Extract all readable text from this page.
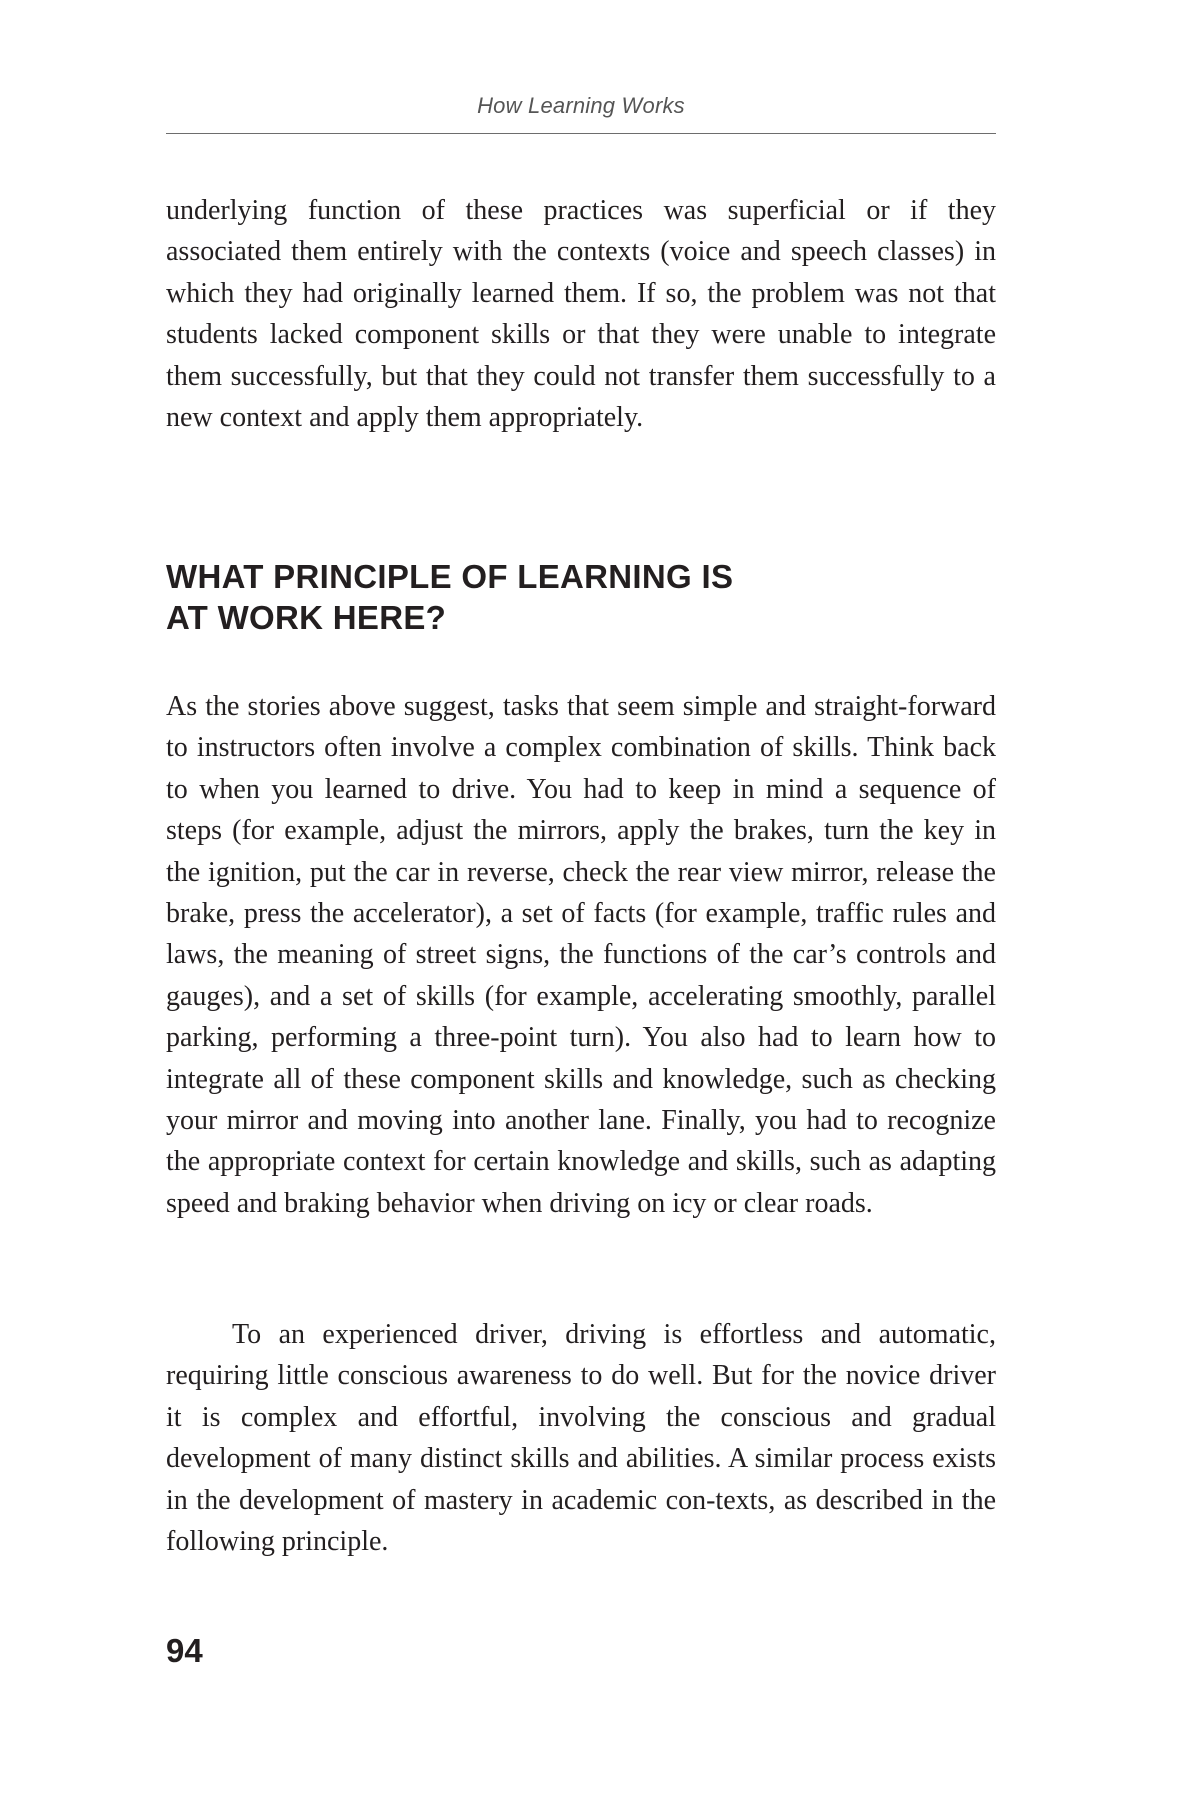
How Learning Works

underlying function of these practices was superficial or if they associated them entirely with the contexts (voice and speech classes) in which they had originally learned them. If so, the problem was not that students lacked component skills or that they were unable to integrate them successfully, but that they could not transfer them successfully to a new context and apply them appropriately.

WHAT PRINCIPLE OF LEARNING IS
AT WORK HERE?

As the stories above suggest, tasks that seem simple and straight-forward to instructors often involve a complex combination of skills. Think back to when you learned to drive. You had to keep in mind a sequence of steps (for example, adjust the mirrors, apply the brakes, turn the key in the ignition, put the car in reverse, check the rear view mirror, release the brake, press the accelerator), a set of facts (for example, traffic rules and laws, the meaning of street signs, the functions of the car’s controls and gauges), and a set of skills (for example, accelerating smoothly, parallel parking, performing a three-point turn). You also had to learn how to integrate all of these component skills and knowledge, such as checking your mirror and moving into another lane. Finally, you had to recognize the appropriate context for certain knowledge and skills, such as adapting speed and braking behavior when driving on icy or clear roads.

To an experienced driver, driving is effortless and automatic, requiring little conscious awareness to do well. But for the novice driver it is complex and effortful, involving the conscious and gradual development of many distinct skills and abilities. A similar process exists in the development of mastery in academic con-texts, as described in the following principle.

94
